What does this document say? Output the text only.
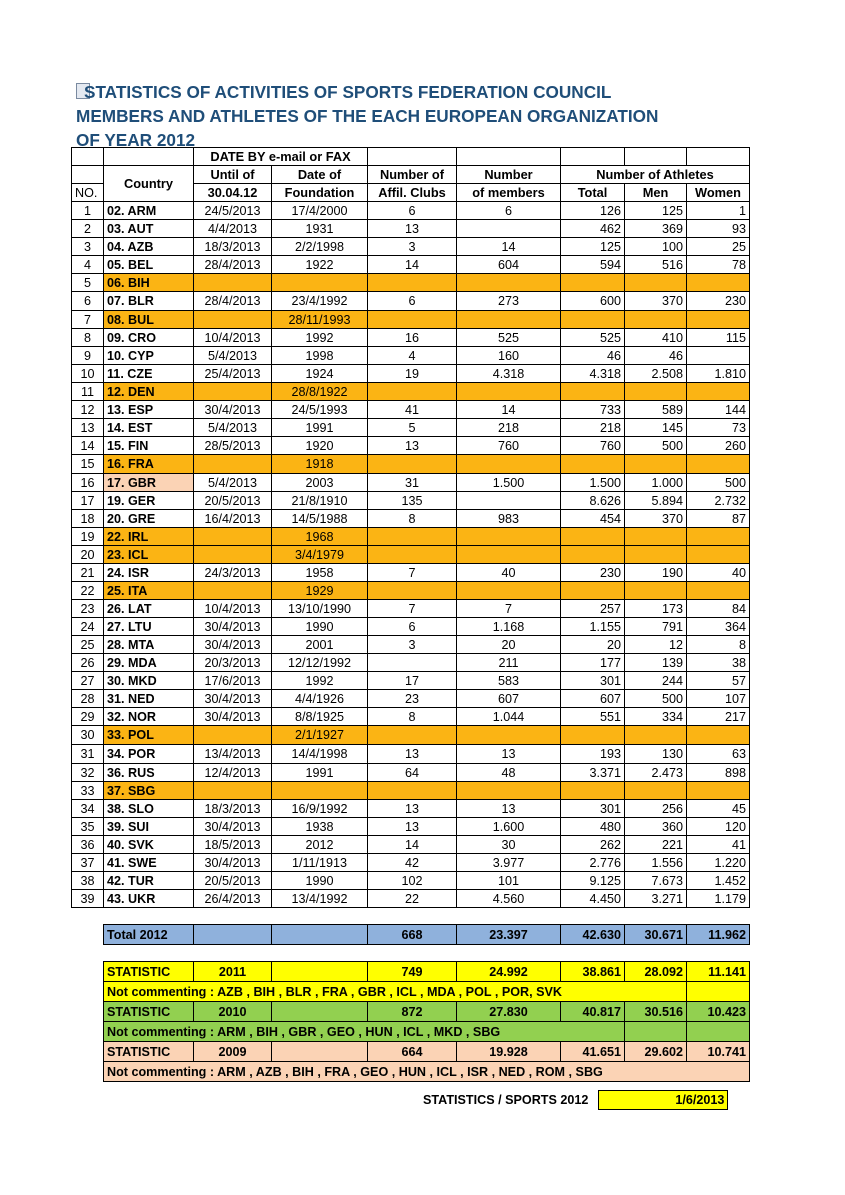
STATISTICS OF ACTIVITIES OF SPORTS FEDERATION COUNCIL
MEMBERS AND ATHLETES OF THE EACH EUROPEAN ORGANIZATION
OF YEAR 2012
		DATE BY e-mail or FAX						
	Country	Until of	Date of	Number of	Number	Number of Athletes		
NO.		30.04.12	Foundation	Affil. Clubs	of members	Total	Men	Women
1	02. ARM	24/5/2013	17/4/2000	6	6	126	125	1
2	03. AUT	4/4/2013	1931	13		462	369	93
3	04. AZB	18/3/2013	2/2/1998	3	14	125	100	25
4	05. BEL	28/4/2013	1922	14	604	594	516	78
5	06. BIH							
6	07. BLR	28/4/2013	23/4/1992	6	273	600	370	230
7	08. BUL		28/11/1993					
8	09. CRO	10/4/2013	1992	16	525	525	410	115
9	10. CYP	5/4/2013	1998	4	160	46	46	
10	11. CZE	25/4/2013	1924	19	4.318	4.318	2.508	1.810
11	12. DEN		28/8/1922					
12	13. ESP	30/4/2013	24/5/1993	41	14	733	589	144
13	14. EST	5/4/2013	1991	5	218	218	145	73
14	15. FIN	28/5/2013	1920	13	760	760	500	260
15	16. FRA		1918					
16	17. GBR	5/4/2013	2003	31	1.500	1.500	1.000	500
17	19. GER	20/5/2013	21/8/1910	135		8.626	5.894	2.732
18	20. GRE	16/4/2013	14/5/1988	8	983	454	370	87
19	22. IRL		1968					
20	23. ICL		3/4/1979					
21	24. ISR	24/3/2013	1958	7	40	230	190	40
22	25. ITA		1929					
23	26. LAT	10/4/2013	13/10/1990	7	7	257	173	84
24	27. LTU	30/4/2013	1990	6	1.168	1.155	791	364
25	28. MTA	30/4/2013	2001	3	20	20	12	8
26	29. MDA	20/3/2013	12/12/1992		211	177	139	38
27	30. MKD	17/6/2013	1992	17	583	301	244	57
28	31. NED	30/4/2013	4/4/1926	23	607	607	500	107
29	32. NOR	30/4/2013	8/8/1925	8	1.044	551	334	217
30	33. POL		2/1/1927					
31	34. POR	13/4/2013	14/4/1998	13	13	193	130	63
32	36. RUS	12/4/2013	1991	64	48	3.371	2.473	898
33	37. SBG							
34	38. SLO	18/3/2013	16/9/1992	13	13	301	256	45
35	39. SUI	30/4/2013	1938	13	1.600	480	360	120
36	40. SVK	18/5/2013	2012	14	30	262	221	41
37	41. SWE	30/4/2013	1/11/1913	42	3.977	2.776	1.556	1.220
38	42. TUR	20/5/2013	1990	102	101	9.125	7.673	1.452
39	43. UKR	26/4/2013	13/4/1992	22	4.560	4.450	3.271	1.179

	Total 2012			668	23.397	42.630	30.671	11.962

	STATISTIC	2011		749	24.992	38.861	28.092	11.141
	Not commenting : AZB , BIH , BLR , FRA , GBR , ICL , MDA , POL , POR, SVK							
	STATISTIC	2010		872	27.830	40.817	30.516	10.423
	Not commenting : ARM , BIH , GBR , GEO , HUN , ICL , MKD , SBG							
	STATISTIC	2009		664	19.928	41.651	29.602	10.741
	Not commenting : ARM , AZB , BIH , FRA , GEO , HUN , ICL , ISR , NED , ROM , SBG							
STATISTICS / SPORTS 2012	1/6/2013
